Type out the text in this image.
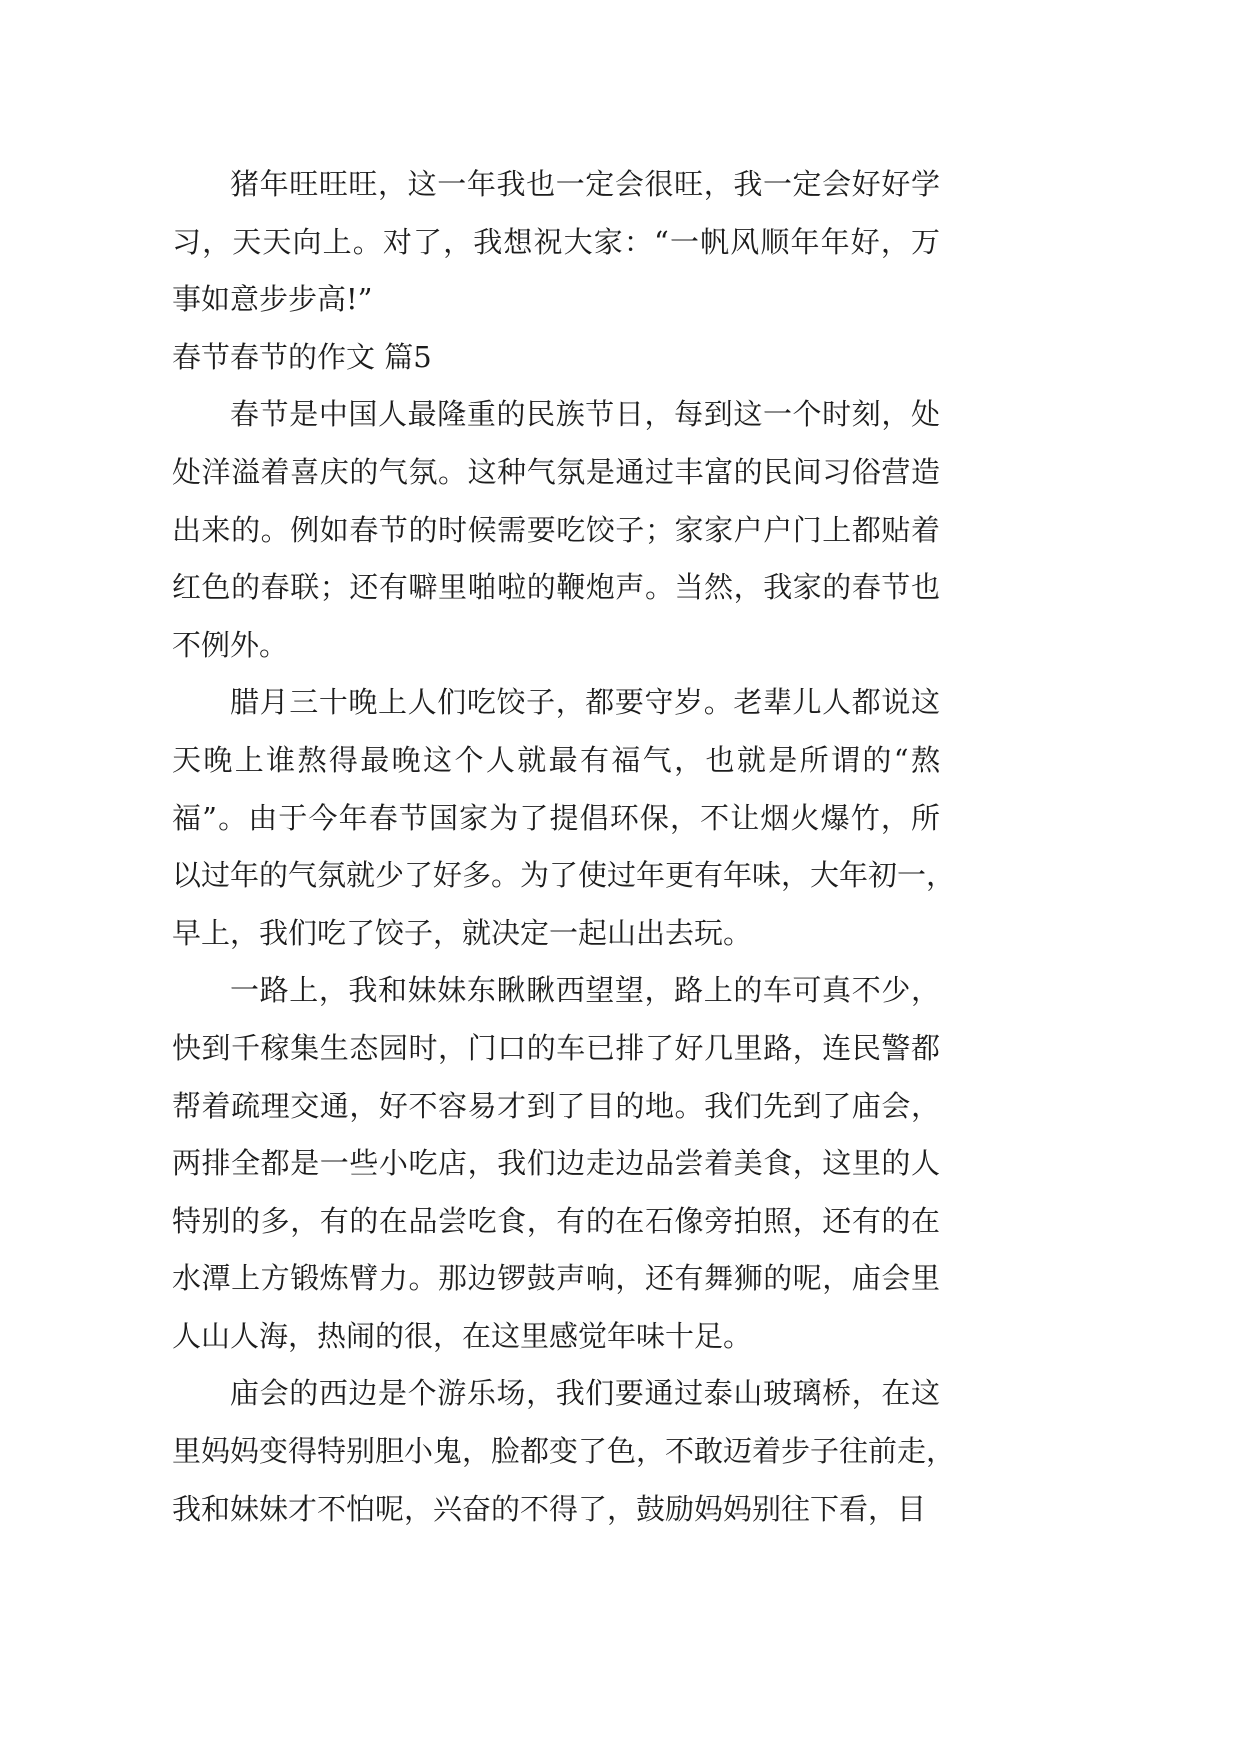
猪年旺旺旺，这一年我也一定会很旺，我一定会好好学
习，天天向上。对了，我想祝大家：“一帆风顺年年好，万
事如意步步高!”
春节春节的作文 篇5
春节是中国人最隆重的民族节日，每到这一个时刻，处
处洋溢着喜庆的气氛。这种气氛是通过丰富的民间习俗营造
出来的。例如春节的时候需要吃饺子；家家户户门上都贴着
红色的春联；还有噼里啪啦的鞭炮声。当然，我家的春节也
不例外。
腊月三十晚上人们吃饺子，都要守岁。老辈儿人都说这
天晚上谁熬得最晚这个人就最有福气，也就是所谓的“熬
福”。由于今年春节国家为了提倡环保，不让烟火爆竹，所
以过年的气氛就少了好多。为了使过年更有年味，大年初一，
早上，我们吃了饺子，就决定一起山出去玩。
一路上，我和妹妹东瞅瞅西望望，路上的车可真不少，
快到千稼集生态园时，门口的车已排了好几里路，连民警都
帮着疏理交通，好不容易才到了目的地。我们先到了庙会，
两排全都是一些小吃店，我们边走边品尝着美食，这里的人
特别的多，有的在品尝吃食，有的在石像旁拍照，还有的在
水潭上方锻炼臂力。那边锣鼓声响，还有舞狮的呢，庙会里
人山人海，热闹的很，在这里感觉年味十足。
庙会的西边是个游乐场，我们要通过泰山玻璃桥，在这
里妈妈变得特别胆小鬼，脸都变了色，不敢迈着步子往前走，
我和妹妹才不怕呢，兴奋的不得了，鼓励妈妈别往下看，目
